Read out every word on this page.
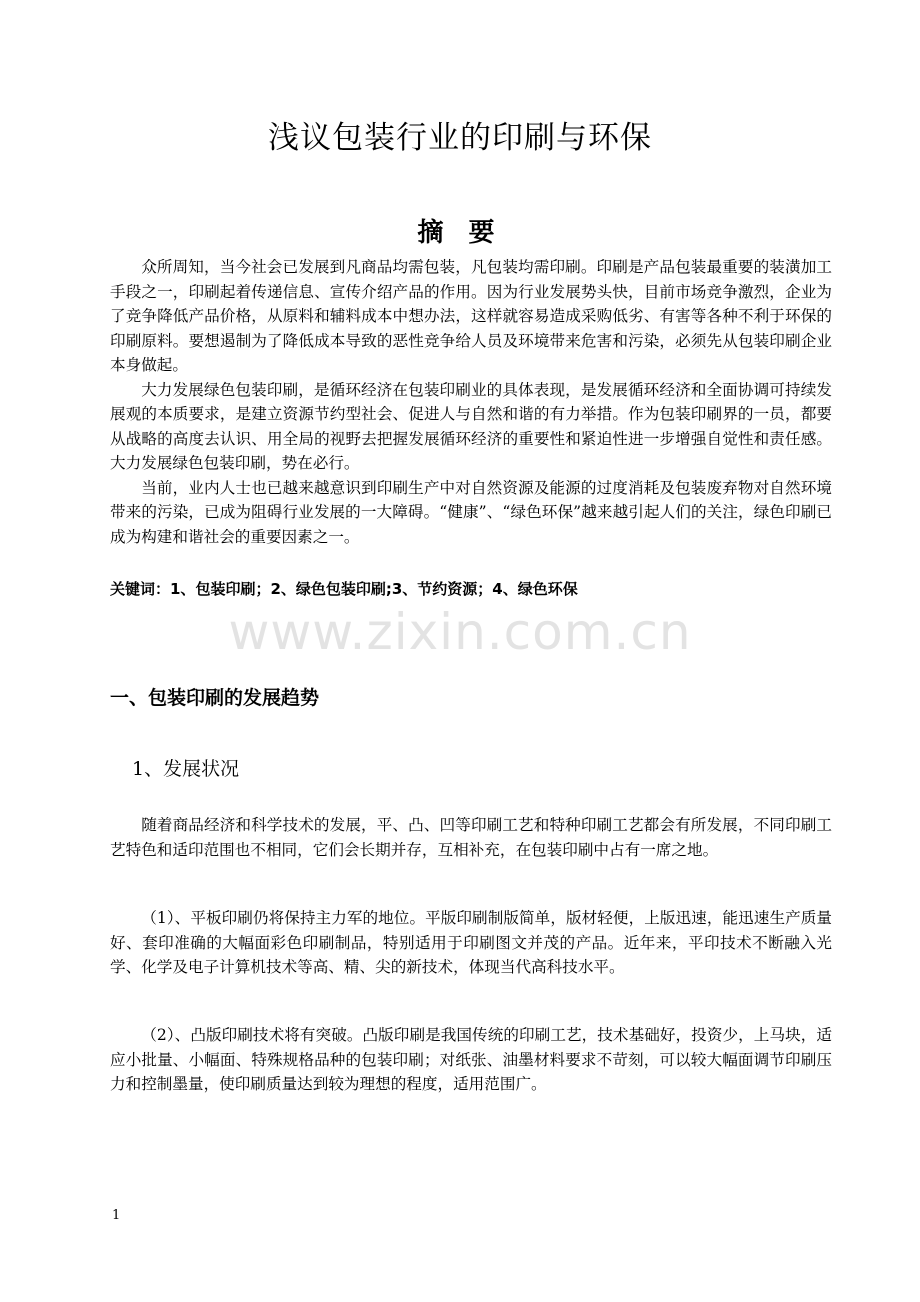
浅议包装行业的印刷与环保
摘 要

众所周知，当今社会已发展到凡商品均需包装，凡包装均需印刷。印刷是产品包装最重要的装潢加工手段之一，印刷起着传递信息、宣传介绍产品的作用。因为行业发展势头快，目前市场竞争激烈，企业为了竞争降低产品价格，从原料和辅料成本中想办法，这样就容易造成采购低劣、有害等各种不利于环保的印刷原料。要想遏制为了降低成本导致的恶性竞争给人员及环境带来危害和污染，必须先从包装印刷企业本身做起。

大力发展绿色包装印刷，是循环经济在包装印刷业的具体表现，是发展循环经济和全面协调可持续发展观的本质要求，是建立资源节约型社会、促进人与自然和谐的有力举措。作为包装印刷界的一员，都要从战略的高度去认识、用全局的视野去把握发展循环经济的重要性和紧迫性进一步增强自觉性和责任感。大力发展绿色包装印刷，势在必行。

当前，业内人士也已越来越意识到印刷生产中对自然资源及能源的过度消耗及包装废弃物对自然环境带来的污染，已成为阻碍行业发展的一大障碍。“健康”、“绿色环保”越来越引起人们的关注，绿色印刷已成为构建和谐社会的重要因素之一。

关键词：1、包装印刷；2、绿色包装印刷;3、节约资源；4、绿色环保
www.zixin.com.cn
一、包装印刷的发展趋势
1、发展状况

随着商品经济和科学技术的发展，平、凸、凹等印刷工艺和特种印刷工艺都会有所发展，不同印刷工艺特色和适印范围也不相同，它们会长期并存，互相补充，在包装印刷中占有一席之地。

（1）、平板印刷仍将保持主力军的地位。平版印刷制版简单，版材轻便，上版迅速，能迅速生产质量好、套印准确的大幅面彩色印刷制品，特别适用于印刷图文并茂的产品。近年来，平印技术不断融入光学、化学及电子计算机技术等高、精、尖的新技术，体现当代高科技水平。

（2）、凸版印刷技术将有突破。凸版印刷是我国传统的印刷工艺，技术基础好，投资少，上马块，适应小批量、小幅面、特殊规格品种的包装印刷；对纸张、油墨材料要求不苛刻，可以较大幅面调节印刷压力和控制墨量，使印刷质量达到较为理想的程度，适用范围广。

1
